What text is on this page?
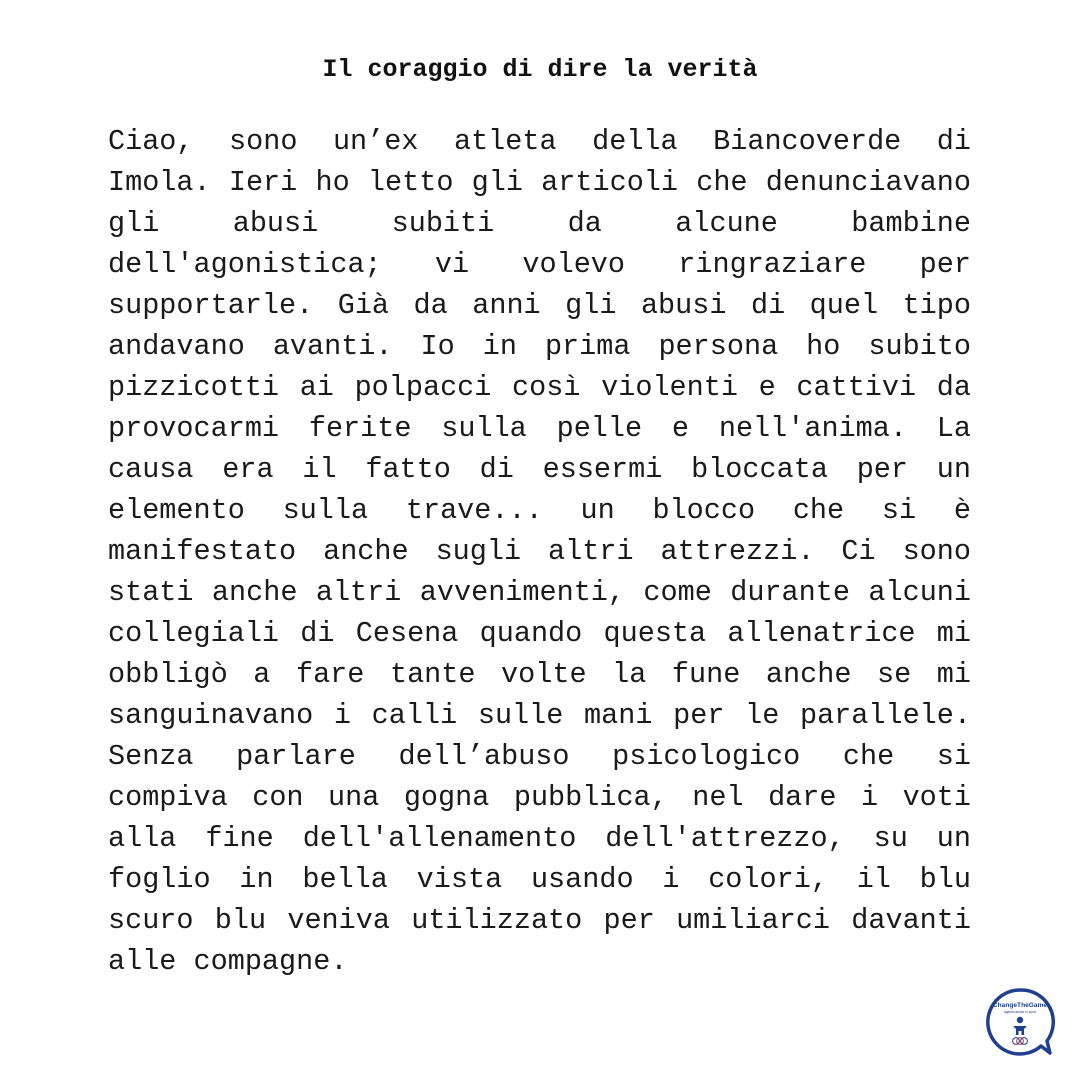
Il coraggio di dire la verità

Ciao, sono un’ex atleta della Biancoverde di Imola. Ieri ho letto gli articoli che denunciavano gli abusi subiti da alcune bambine dell'agonistica; vi volevo ringraziare per supportarle. Già da anni gli abusi di quel tipo andavano avanti. Io in prima persona ho subito pizzicotti ai polpacci così violenti e cattivi da provocarmi ferite sulla pelle e nell'anima. La causa era il fatto di essermi bloccata per un elemento sulla trave... un blocco che si è manifestato anche sugli altri attrezzi. Ci sono stati anche altri avvenimenti, come durante alcuni collegiali di Cesena quando questa allenatrice mi obbligò a fare tante volte la fune anche se mi sanguinavano i calli sulle mani per le parallele. Senza parlare dell’abuso psicologico che si compiva con una gogna pubblica, nel dare i voti alla fine dell'allenamento dell'attrezzo, su un foglio in bella vista usando i colori, il blu scuro blu veniva utilizzato per umiliarci davanti alle compagne.

ChangeTheGame
against abuse in sport
